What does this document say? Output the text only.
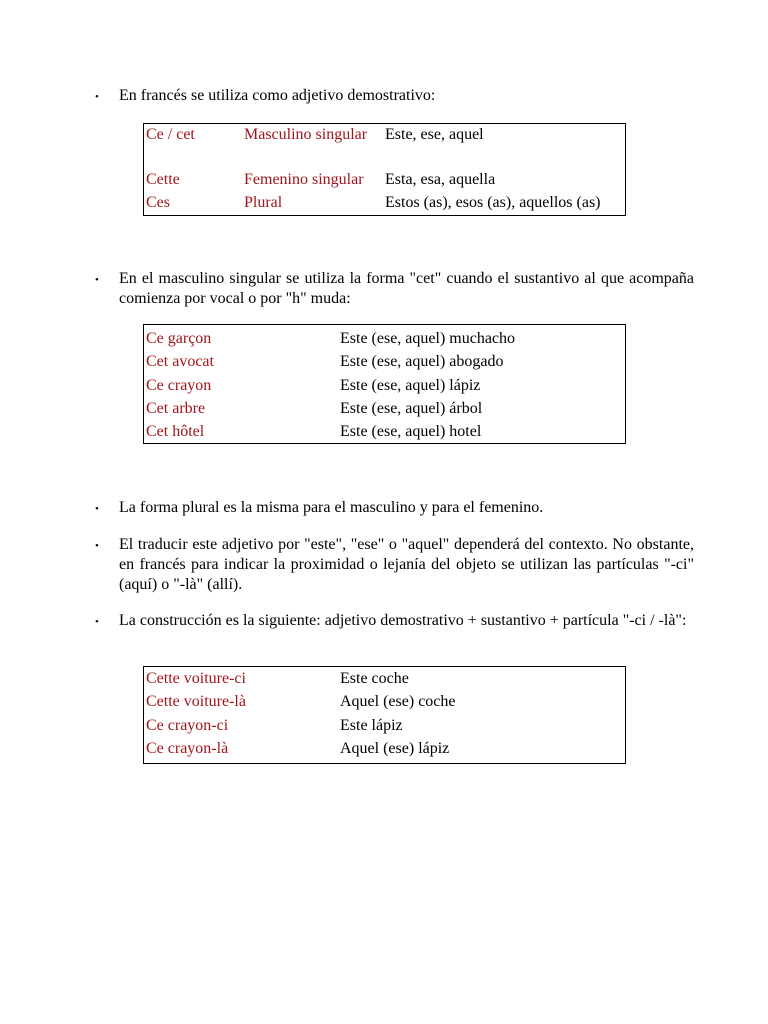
• En francés se utiliza como adjetivo demostrativo:
Ce / cet	Masculino singular	Este, ese, aquel
Cette	Femenino singular	Esta, esa, aquella
Ces	Plural	Estos (as), esos (as), aquellos (as)
• En el masculino singular se utiliza la forma "cet" cuando el sustantivo al que acompaña comienza por vocal o por "h" muda:
Ce garçon	Este (ese, aquel) muchacho
Cet avocat	Este (ese, aquel) abogado
Ce crayon	Este (ese, aquel) lápiz
Cet arbre	Este (ese, aquel) árbol
Cet hôtel	Este (ese, aquel) hotel
• La forma plural es la misma para el masculino y para el femenino.
• El traducir este adjetivo por "este", "ese" o "aquel" dependerá del contexto. No obstante, en francés para indicar la proximidad o lejanía del objeto se utilizan las partículas "-ci" (aquí) o "-là" (allí).
• La construcción es la siguiente: adjetivo demostrativo + sustantivo + partícula "-ci / -là":
Cette voiture-ci	Este coche
Cette voiture-là	Aquel (ese) coche
Ce crayon-ci	Este lápiz
Ce crayon-là	Aquel (ese) lápiz
